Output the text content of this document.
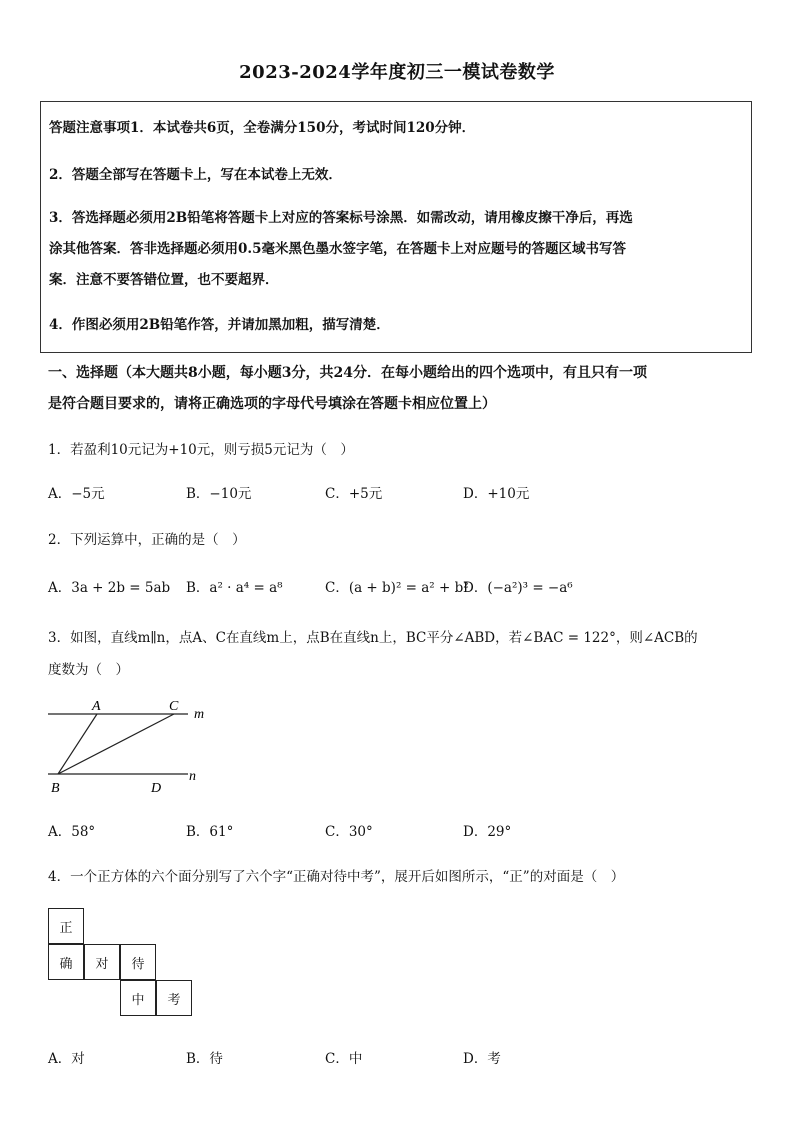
2023-2024学年度初三一模试卷数学
答题注意事项1．本试卷共6页，全卷满分150分，考试时间120分钟．
2．答题全部写在答题卡上，写在本试卷上无效．
3．答选择题必须用2B铅笔将答题卡上对应的答案标号涂黑．如需改动，请用橡皮擦干净后，再选
涂其他答案．答非选择题必须用0.5毫米黑色墨水签字笔，在答题卡上对应题号的答题区域书写答
案．注意不要答错位置，也不要超界．
4．作图必须用2B铅笔作答，并请加黑加粗，描写清楚．
一、选择题（本大题共8小题，每小题3分，共24分．在每小题给出的四个选项中，有且只有一项
是符合题目要求的，请将正确选项的字母代号填涂在答题卡相应位置上）
1．若盈利10元记为+10元，则亏损5元记为（　）
A．−5元	B．−10元	C．+5元	D．+10元
2．下列运算中，正确的是（　）
A．3a + 2b = 5ab B．a² · a⁴ = a⁸	C．(a + b)² = a² + b²
D．(−a²)³ = −a⁶
3．如图，直线m∥n，点A、C在直线m上，点B在直线n上，BC平分∠ABD，若∠BAC = 122°，则∠ACB的
度数为（　）
A	C
m
n
B	D
A．58°	B．61°	C．30°	D．29°
4．一个正方体的六个面分别写了六个字“正确对待中考”，展开后如图所示，“正”的对面是（　）
正
确	对	待
中	考
A．对	B．待	C．中	D．考
